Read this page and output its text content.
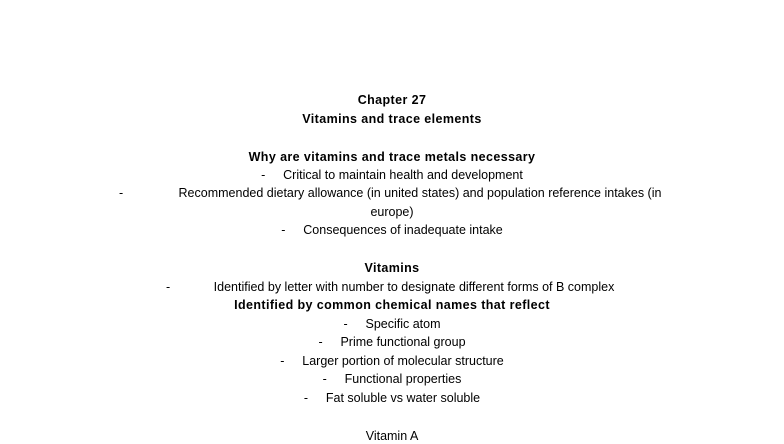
Chapter 27
Vitamins and trace elements
Why are vitamins and trace metals necessary
- Critical to maintain health and development
-	Recommended dietary allowance (in united states) and population reference intakes (in
europe)
- Consequences of inadequate intake
Vitamins
-	Identified by letter with number to designate different forms of B complex
Identified by common chemical names that reflect
- Specific atom
- Prime functional group
- Larger portion of molecular structure
- Functional properties
- Fat soluble vs water soluble
Vitamin A
